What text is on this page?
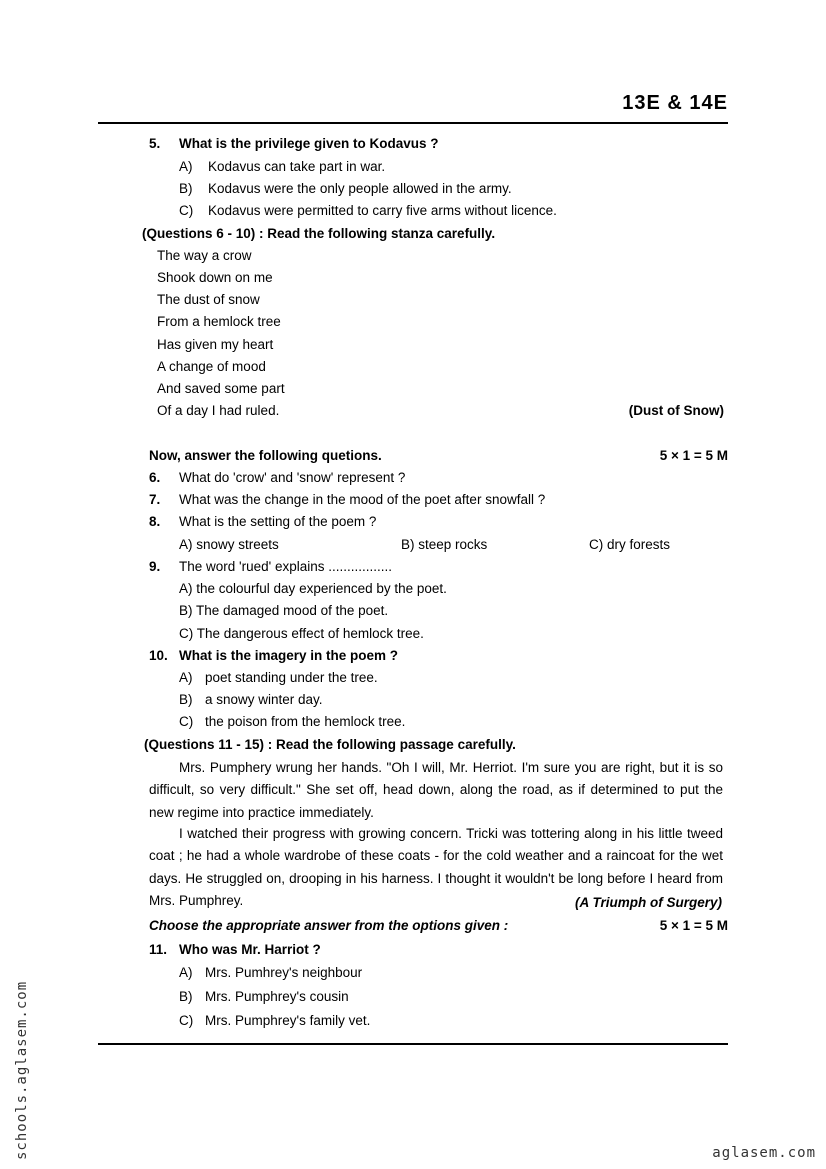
13E & 14E
5. What is the privilege given to Kodavus ?
A) Kodavus can take part in war.
B) Kodavus were the only people allowed in the army.
C) Kodavus were permitted to carry five arms without licence.
(Questions 6 - 10) : Read the following stanza carefully.
The way a crow
Shook down on me
The dust of snow
From a hemlock tree
Has given my heart
A change of mood
And saved some part
Of a day I had ruled.	(Dust of Snow)
Now, answer the following quetions.	5 × 1 = 5 M
6. What do 'crow' and 'snow' represent ?
7. What was the change in the mood of the poet after snowfall ?
8. What is the setting of the poem ?
A) snowy streets	B) steep rocks	C) dry forests
9. The word 'rued' explains .................
A) the colourful day experienced by the poet.
B) The damaged mood of the poet.
C) The dangerous effect of hemlock tree.
10. What is the imagery in the poem ?
A) poet standing under the tree.
B) a snowy winter day.
C) the poison from the hemlock tree.
(Questions 11 - 15) : Read the following passage carefully.
Mrs. Pumphery wrung her hands. "Oh I will, Mr. Herriot. I'm sure you are right, but it is so difficult, so very difficult." She set off, head down, along the road, as if determined to put the new regime into practice immediately.
I watched their progress with growing concern. Tricki was tottering along in his little tweed coat ; he had a whole wardrobe of these coats - for the cold weather and a raincoat for the wet days. He struggled on, drooping in his harness. I thought it wouldn't be long before I heard from Mrs. Pumphrey.	(A Triumph of Surgery)
Choose the appropriate answer from the options given :	5 × 1 = 5 M
11. Who was Mr. Harriot ?
A) Mrs. Pumhrey's neighbour
B) Mrs. Pumphrey's cousin
C) Mrs. Pumphrey's family vet.
schools.aglasem.com	aglasem.com
